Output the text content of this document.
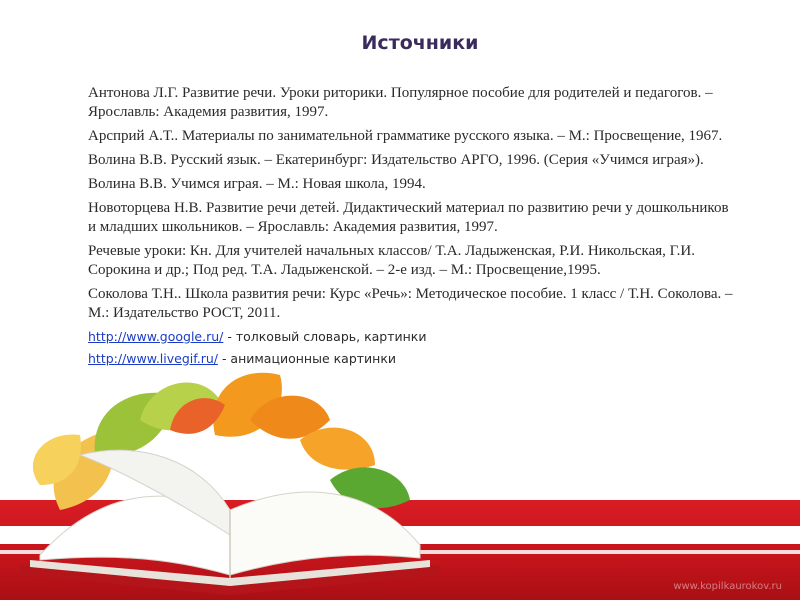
Источники
Антонова Л.Г. Развитие речи. Уроки риторики. Популярное пособие для родителей и педагогов. – Ярославль: Академия развития, 1997.
Арсприй А.Т.. Материалы по занимательной грамматике русского языка. – М.: Просвещение, 1967.
Волина В.В. Русский язык. – Екатеринбург: Издательство АРГО, 1996. (Серия «Учимся играя»).
Волина В.В. Учимся играя. – М.: Новая школа, 1994.
Новоторцева Н.В. Развитие речи детей. Дидактический материал по развитию речи у дошкольников и младших школьников. – Ярославль: Академия развития, 1997.
Речевые уроки: Кн. Для учителей начальных классов/ Т.А. Ладыженская, Р.И. Никольская, Г.И. Сорокина и др.; Под ред. Т.А. Ладыженской. – 2-е изд. – М.: Просвещение,1995.
Соколова Т.Н.. Школа развития речи: Курс «Речь»: Методическое пособие. 1 класс / Т.Н. Соколова. – М.: Издательство РОСТ, 2011.
http://www.google.ru/ - толковый словарь, картинки
http://www.livegif.ru/ - анимационные картинки
www.kopilkaurokov.ru
